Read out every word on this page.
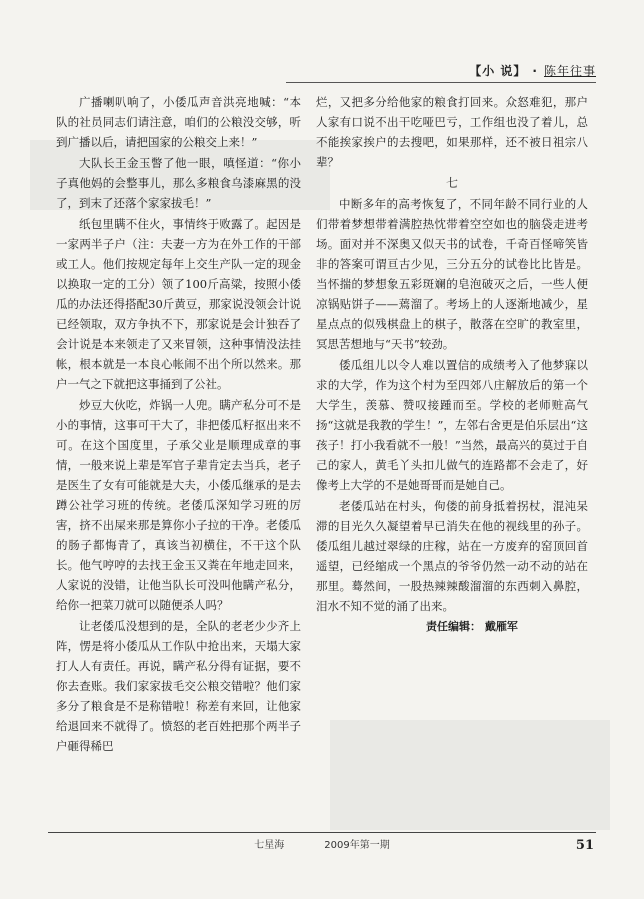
【小 说】 · 陈年往事

广播喇叭响了，小倭瓜声音洪亮地喊：“本队的社员同志们请注意，咱们的公粮没交够，听到广播以后，请把国家的公粮交上来！”

大队长王金玉瞥了他一眼，嗔怪道：“你小子真他妈的会整事儿，那么多粮食乌漆麻黑的没了，到末了还落个家家拔毛！”

纸包里瞒不住火，事情终于败露了。起因是一家两半子户（注：夫妻一方为在外工作的干部或工人。他们按规定每年上交生产队一定的现金以换取一定的工分）领了100斤高粱，按照小倭瓜的办法还得搭配30斤黄豆，那家说没领会计说已经领取，双方争执不下，那家说是会计独吞了会计说是本来领走了又来冒领，这种事情没法挂帐，根本就是一本良心帐闹不出个所以然来。那户一气之下就把这事捅到了公社。

炒豆大伙吃，炸锅一人兜。瞒产私分可不是小的事情，这事可干大了，非把倭瓜籽抠出来不可。在这个国度里，子承父业是顺理成章的事情，一般来说上辈是军官子辈肯定去当兵，老子是医生了女有可能就是大夫，小倭瓜继承的是去蹲公社学习班的传统。老倭瓜深知学习班的厉害，挤不出屎来那是算你小子拉的干净。老倭瓜的肠子都悔青了，真该当初横住，不干这个队长。他气哼哼的去找王金玉又粪在年地走回来，人家说的没错，让他当队长可没叫他瞒产私分，给你一把菜刀就可以随便杀人吗？

让老倭瓜没想到的是，全队的老老少少齐上阵，愣是将小倭瓜从工作队中抢出来，天塌大家打人人有责任。再说，瞒产私分得有证据，要不你去查账。我们家家拔毛交公粮交错啦？他们家多分了粮食是不是称错啦！称差有来回，让他家给退回来不就得了。愤怒的老百姓把那个两半子户砸得稀巴

烂，又把多分给他家的粮食打回来。众怒难犯，那户人家有口说不出干吃哑巴亏，工作组也没了着儿，总不能挨家挨户的去搜吧，如果那样，还不被日祖宗八辈？

七

中断多年的高考恢复了，不同年龄不同行业的人们带着梦想带着满腔热忱带着空空如也的脑袋走进考场。面对并不深奥又似天书的试卷，千奇百怪啼笑皆非的答案可谓亘古少见，三分五分的试卷比比皆是。当怀揣的梦想象五彩斑斓的皂泡破灭之后，一些人便凉锅贴饼子——蔫溜了。考场上的人逐渐地减少，星星点点的似残棋盘上的棋子，散落在空旷的教室里，冥思苦想地与“天书”较劲。

倭瓜组儿以令人难以置信的成绩考入了他梦寐以求的大学，作为这个村为至四郊八庄解放后的第一个大学生，羡慕、赞叹接踵而至。学校的老师赃高气扬“这就是我教的学生！”，左邻右舍更是伯乐层出“这孩子！打小我看就不一般！”当然，最高兴的莫过于自己的家人，黄毛丫头扣儿做气的连路都不会走了，好像考上大学的不是她哥哥而是她自己。

老倭瓜站在村头，佝偻的前身抵着拐杖，混沌呆滞的目光久久凝望着早已消失在他的视线里的孙子。倭瓜组儿越过翠绿的庄稼，站在一方废弃的窑顶回首遥望，已经缩成一个黑点的爷爷仍然一动不动的站在那里。蓦然间，一股热辣辣酸溜溜的东西刺入鼻腔，泪水不知不觉的涌了出来。

责任编辑： 戴雁军

七星海	2009年第一期	51
